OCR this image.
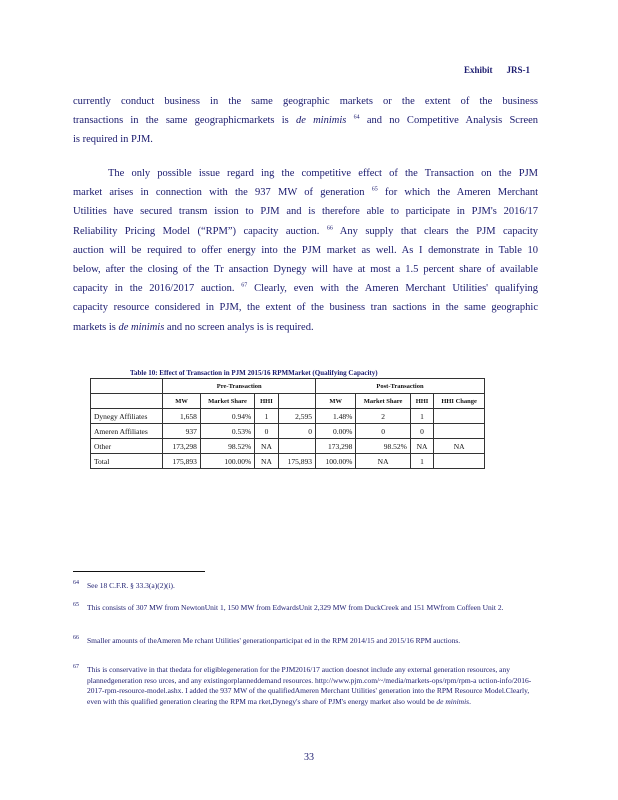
Exhibit JRS-1
currently conduct business in the same geographic markets or the extent of the business
transactions in the same geographicmarkets is de minimis $^{64}$ and no Competitive Analysis Screen
is required in PJM.
The only possible issue regard ing the competitive effect of the Transaction on the PJM
market arises in connection with the 937 MW of generation $^{65}$ for which the Ameren Merchant
Utilities have secured transm ission to PJM and is therefore able to participate in PJM's 2016/17
Reliability Pricing Model (“RPM”) capacity auction. $^{66}$ Any supply that clears the PJM capacity
auction will be required to offer energy into the PJM market as well. As I demonstrate in Table 10
below, after the closing of the Tr ansaction Dynegy will have at most a 1.5 percent share of available
capacity in the 2016/2017 auction. $^{67}$ Clearly, even with the Ameren Merchant Utilities' qualifying
capacity resource considered in PJM, the extent of the business tran sactions in the same geographic
markets is de minimis and no screen analys is is required.
Table 10: Effect of Transaction in PJM 2015/16 RPMMarket (Qualifying Capacity)
	Pre-Transaction				Post-Transaction			
	MW	Market Share	HHI		MW	Market Share	HHI	HHI Change
Dynegy Affiliates	1,658	0.94%	1	2,595	1.48%	2	1	
Ameren Affiliates	937	0.53%	0	0	0.00%	0	0	
Other	173,298	98.52%	NA		173,298	98.52%	NA	NA
Total	175,893	100.00%	NA	175,893	100.00%	NA	1	
64 See 18 C.F.R. § 33.3(a)(2)(i).
65 This consists of 307 MW from NewtonUnit 1, 150 MW from EdwardsUnit 2,329 MW from DuckCreek and 151 MWfrom Coffeen Unit 2.
66 Smaller amounts of theAmeren Me rchant Utilities' generationparticipat ed in the RPM 2014/15 and 2015/16 RPM auctions.
67 This is conservative in that thedata for eligiblegeneration for the PJM2016/17 auction doesnot include any external generation resources, any plannedgeneration reso urces, and any existingorplanneddemand resources. http://www.pjm.com/~/media/markets-ops/rpm/rpm-a uction-info/2016-2017-rpm-resource-model.ashx. I added the 937 MW of the qualifiedAmeren Merchant Utilities' generation into the RPM Resource Model.Clearly, even with this qualified generation clearing the RPM ma rket,Dynegy's share of PJM's energy market also would be de minimis.
33
